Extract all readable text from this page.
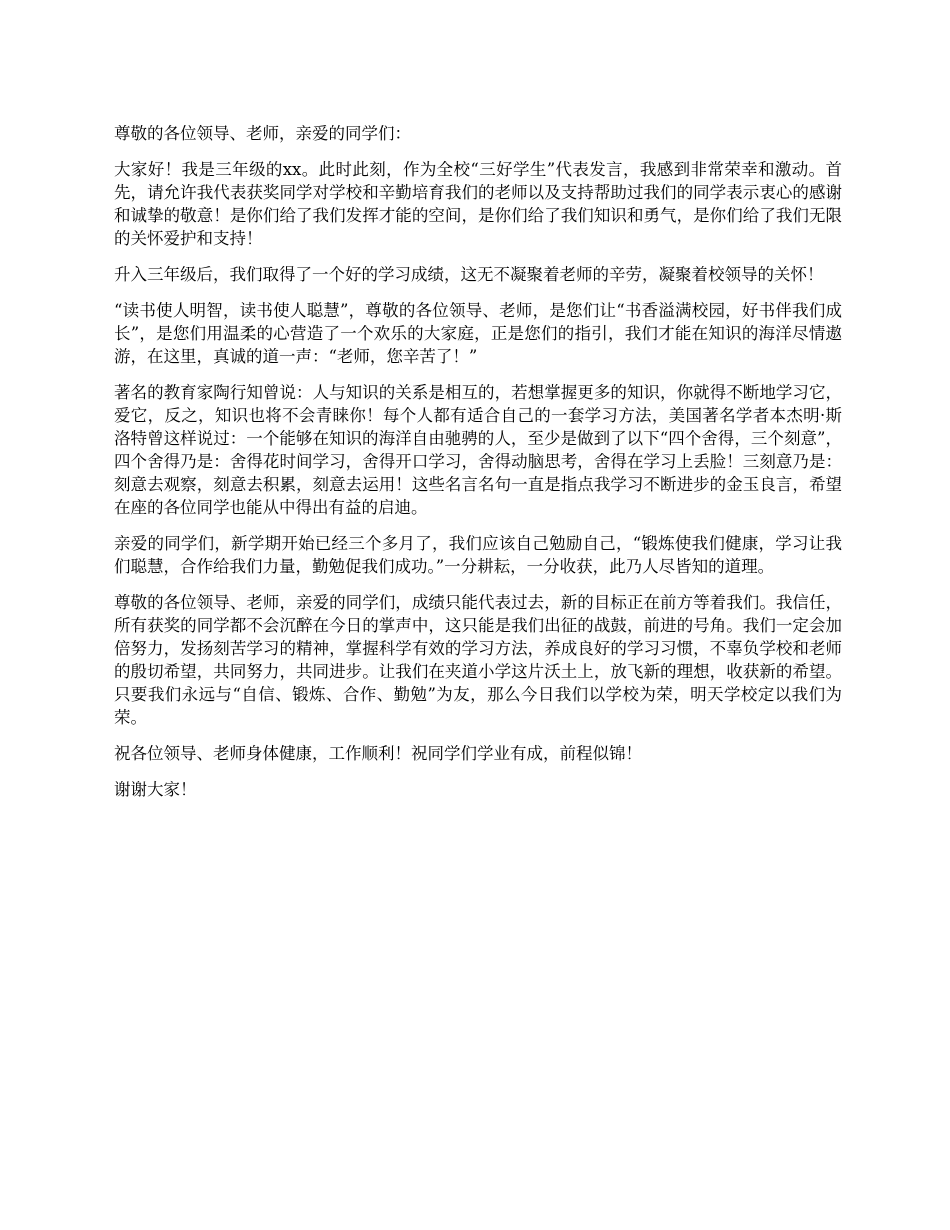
尊敬的各位领导、老师，亲爱的同学们：

大家好！我是三年级的xx。此时此刻，作为全校“三好学生”代表发言，我感到非常荣幸和激动。首先，请允许我代表获奖同学对学校和辛勤培育我们的老师以及支持帮助过我们的同学表示衷心的感谢和诚挚的敬意！是你们给了我们发挥才能的空间，是你们给了我们知识和勇气，是你们给了我们无限的关怀爱护和支持！

升入三年级后，我们取得了一个好的学习成绩，这无不凝聚着老师的辛劳，凝聚着校领导的关怀！

“读书使人明智，读书使人聪慧”，尊敬的各位领导、老师，是您们让“书香溢满校园，好书伴我们成长”，是您们用温柔的心营造了一个欢乐的大家庭，正是您们的指引，我们才能在知识的海洋尽情遨游，在这里，真诚的道一声：“老师，您辛苦了！”

著名的教育家陶行知曾说：人与知识的关系是相互的，若想掌握更多的知识，你就得不断地学习它，爱它，反之，知识也将不会青睐你！每个人都有适合自己的一套学习方法，美国著名学者本杰明·斯洛特曾这样说过：一个能够在知识的海洋自由驰骋的人，至少是做到了以下“四个舍得，三个刻意”，四个舍得乃是：舍得花时间学习，舍得开口学习，舍得动脑思考，舍得在学习上丢脸！三刻意乃是：刻意去观察，刻意去积累，刻意去运用！这些名言名句一直是指点我学习不断进步的金玉良言，希望在座的各位同学也能从中得出有益的启迪。

亲爱的同学们，新学期开始已经三个多月了，我们应该自己勉励自己，“锻炼使我们健康，学习让我们聪慧，合作给我们力量，勤勉促我们成功。”一分耕耘，一分收获，此乃人尽皆知的道理。

尊敬的各位领导、老师，亲爱的同学们，成绩只能代表过去，新的目标正在前方等着我们。我信任，所有获奖的同学都不会沉醉在今日的掌声中，这只能是我们出征的战鼓，前进的号角。我们一定会加倍努力，发扬刻苦学习的精神，掌握科学有效的学习方法，养成良好的学习习惯，不辜负学校和老师的殷切希望，共同努力，共同进步。让我们在夹道小学这片沃土上，放飞新的理想，收获新的希望。只要我们永远与“自信、锻炼、合作、勤勉”为友，那么今日我们以学校为荣，明天学校定以我们为荣。

祝各位领导、老师身体健康，工作顺利！祝同学们学业有成，前程似锦！

谢谢大家！
